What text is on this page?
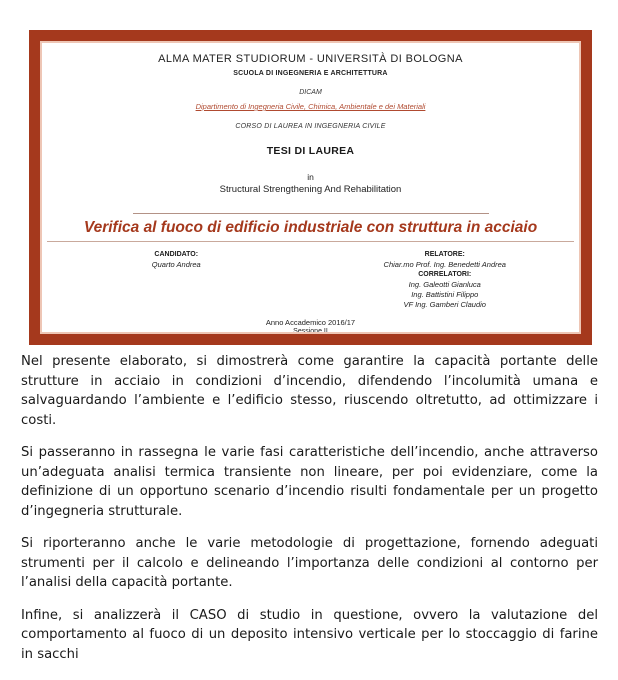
ALMA MATER STUDIORUM - UNIVERSITÀ DI BOLOGNA
SCUOLA DI INGEGNERIA E ARCHITETTURA
DICAM
Dipartimento di Ingegneria Civile, Chimica, Ambientale e dei Materiali
CORSO DI LAUREA IN INGEGNERIA CIVILE
TESI DI LAUREA
in
Structural Strengthening And Rehabilitation
Verifica al fuoco di edificio industriale con struttura in acciaio
CANDIDATO:
Quarto Andrea
RELATORE:
Chiar.mo Prof. Ing. Benedetti Andrea
CORRELATORI:
Ing. Galeotti Gianluca
Ing. Battistini Filippo
VF Ing. Gamberi Claudio
Anno Accademico 2016/17
Sessione II

Nel presente elaborato, si dimostrerà come garantire la capacità portante delle strutture in acciaio in condizioni d’incendio, difendendo l’incolumità umana e salvaguardando l’ambiente e l’edificio stesso, riuscendo oltretutto, ad ottimizzare i costi.

Si passeranno in rassegna le varie fasi caratteristiche dell’incendio, anche attraverso un’adeguata analisi termica transiente non lineare, per poi evidenziare, come la definizione di un opportuno scenario d’incendio risulti fondamentale per un progetto d’ingegneria strutturale.

Si riporteranno anche le varie metodologie di progettazione, fornendo adeguati strumenti per il calcolo e delineando l’importanza delle condizioni al contorno per l’analisi della capacità portante.

Infine, si analizzerà il CASO di studio in questione, ovvero la valutazione del comportamento al fuoco di un deposito intensivo verticale per lo stoccaggio di farine in sacchi
